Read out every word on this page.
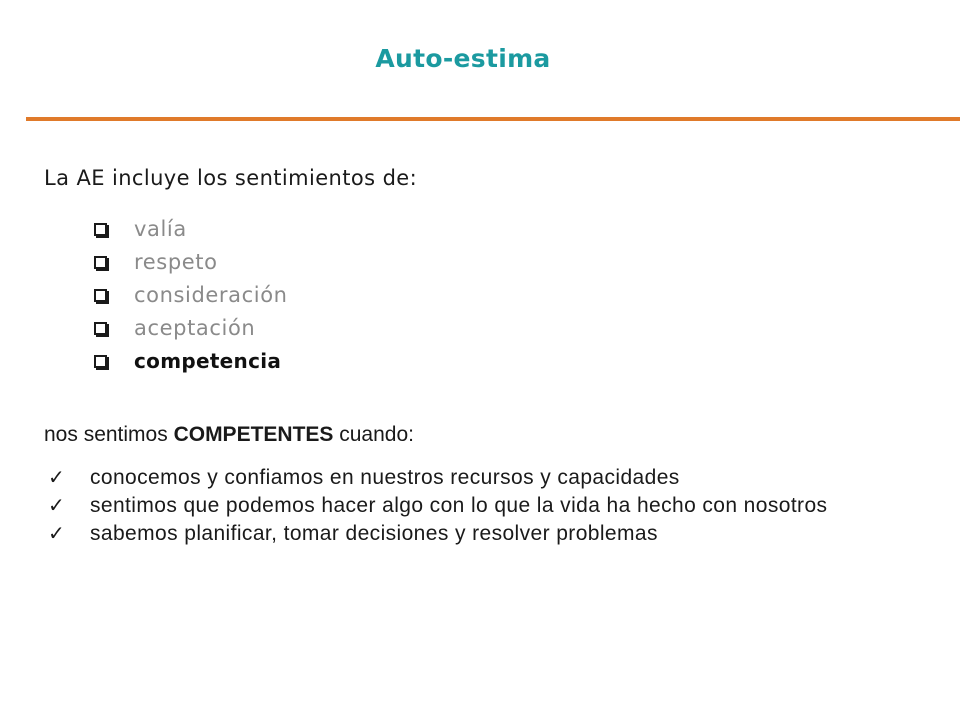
Auto-estima
La AE incluye los sentimientos de:
valía
respeto
consideración
aceptación
competencia
nos sentimos COMPETENTES cuando:
✓ conocemos y confiamos en nuestros recursos y capacidades
✓ sentimos que podemos hacer algo con lo que la vida ha hecho con nosotros
✓ sabemos planificar, tomar decisiones y resolver problemas
